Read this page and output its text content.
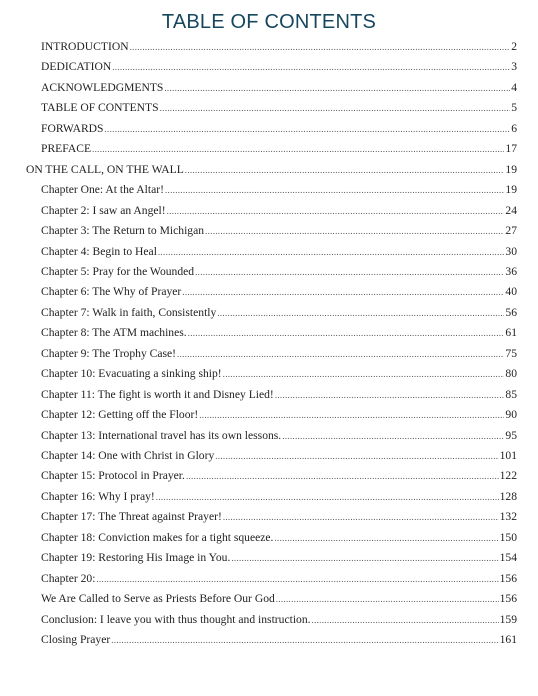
TABLE OF CONTENTS
INTRODUCTION .....	2
DEDICATION .....	3
ACKNOWLEDGMENTS .....	4
TABLE OF CONTENTS .....	5
FORWARDS .....	6
PREFACE .....	17
ON THE CALL, ON THE WALL .....	19
Chapter One: At the Altar! .....	19
Chapter 2: I saw an Angel! .....	24
Chapter 3: The Return to Michigan .....	27
Chapter 4: Begin to Heal .....	30
Chapter 5: Pray for the Wounded .....	36
Chapter 6: The Why of Prayer .....	40
Chapter 7: Walk in faith, Consistently .....	56
Chapter 8: The ATM machines. .....	61
Chapter 9: The Trophy Case! .....	75
Chapter 10: Evacuating a sinking ship! .....	80
Chapter 11: The fight is worth it and Disney Lied! .....	85
Chapter 12: Getting off the Floor! .....	90
Chapter 13: International travel has its own lessons. .....	95
Chapter 14: One with Christ in Glory .....	101
Chapter 15: Protocol in Prayer. .....	122
Chapter 16: Why I pray! .....	128
Chapter 17: The Threat against Prayer! .....	132
Chapter 18: Conviction makes for a tight squeeze. .....	150
Chapter 19: Restoring His Image in You. .....	154
Chapter 20: .....	156
We Are Called to Serve as Priests Before Our God .....	156
Conclusion: I leave you with thus thought and instruction. .....	159
Closing Prayer .....	161
